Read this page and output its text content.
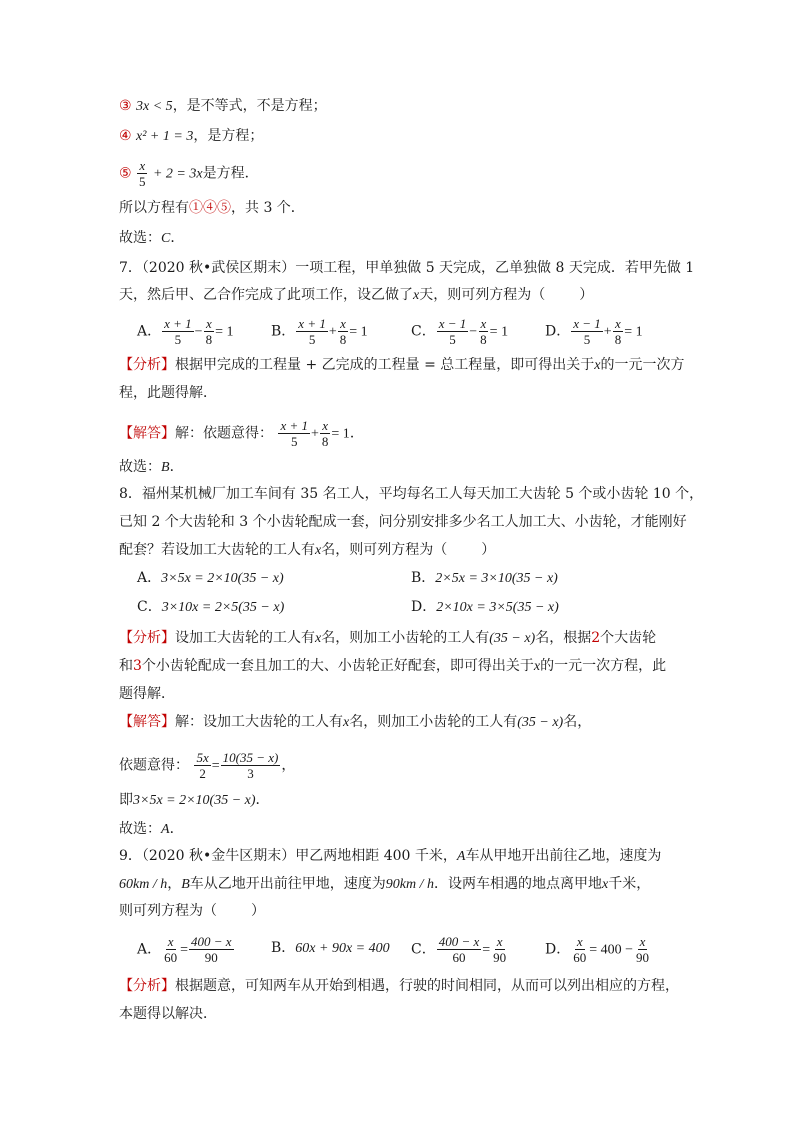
③ 3x < 5，是不等式，不是方程；
④ x² + 1 = 3，是方程；
⑤ $\frac{x}{5} + 2 = 3x$是方程．
所以方程有①④⑤，共 3 个．
故选：C．
7．（2020 秋•武侯区期末）一项工程，甲单独做 5 天完成，乙单独做 8 天完成．若甲先做 1
天，然后甲、乙合作完成了此项工作，设乙做了x天，则可列方程为（ ）
A． $\frac{x + 1}{5} - \frac{x}{8} = 1$	B． $\frac{x + 1}{5} + \frac{x}{8} = 1$	C． $\frac{x - 1}{5} - \frac{x}{8} = 1$	D． $\frac{x - 1}{5} + \frac{x}{8} = 1$
【分析】根据甲完成的工程量 + 乙完成的工程量 = 总工程量，即可得出关于x的一元一次方
程，此题得解．
【解答】解：依题意得： $\frac{x + 1}{5} + \frac{x}{8} = 1$．
故选：B．
8．福州某机械厂加工车间有 35 名工人，平均每名工人每天加工大齿轮 5 个或小齿轮 10 个，
已知 2 个大齿轮和 3 个小齿轮配成一套，问分别安排多少名工人加工大、小齿轮，才能刚好
配套？若设加工大齿轮的工人有x名，则可列方程为（ ）
A．3×5x = 2×10(35 − x)	B．2×5x = 3×10(35 − x)
C．3×10x = 2×5(35 − x)	D．2×10x = 3×5(35 − x)
【分析】设加工大齿轮的工人有x名，则加工小齿轮的工人有(35 − x)名，根据2个大齿轮
和3个小齿轮配成一套且加工的大、小齿轮正好配套，即可得出关于x的一元一次方程，此
题得解．
【解答】解：设加工大齿轮的工人有x名，则加工小齿轮的工人有(35 − x)名，
依题意得： $\frac{5x}{2} = \frac{10(35 - x)}{3}$ ，
即3×5x = 2×10(35 − x)．
故选：A．
9．（2020 秋•金牛区期末）甲乙两地相距 400 千米，A车从甲地开出前往乙地，速度为
60km / h，B车从乙地开出前往甲地，速度为90km / h．设两车相遇的地点离甲地x千米，
则可列方程为（ ）
A． $\frac{x}{60} = \frac{400 - x}{90}$	B．60x + 90x = 400 C． $\frac{400 - x}{60} = \frac{x}{90}$	D． $\frac{x}{60} = 400 - \frac{x}{90}$
【分析】根据题意，可知两车从开始到相遇，行驶的时间相同，从而可以列出相应的方程，
本题得以解决．
